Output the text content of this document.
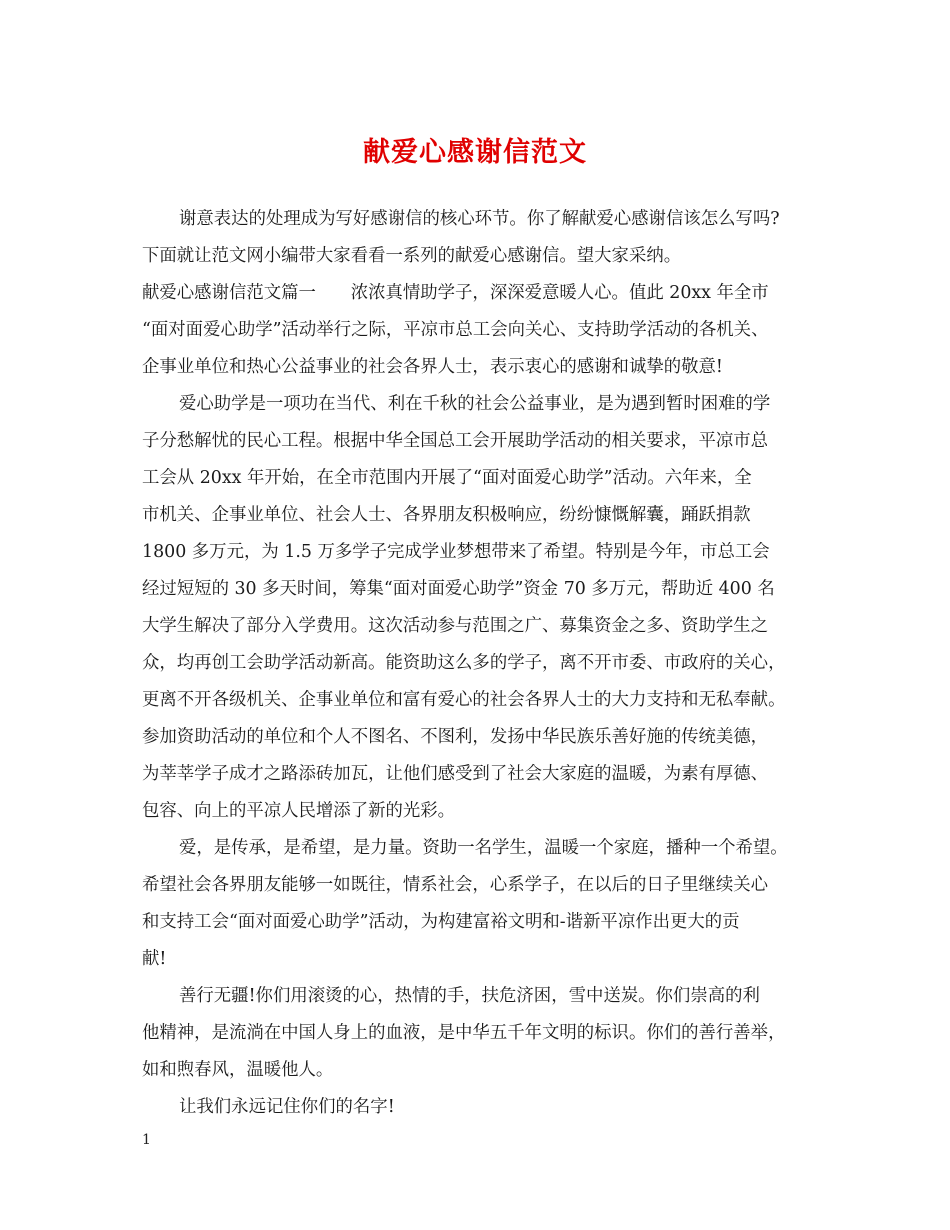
献爱心感谢信范文
谢意表达的处理成为写好感谢信的核心环节。你了解献爱心感谢信该怎么写吗?
下面就让范文网小编带大家看看一系列的献爱心感谢信。望大家采纳。
献爱心感谢信范文篇一　　浓浓真情助学子，深深爱意暖人心。值此 20xx 年全市
“面对面爱心助学”活动举行之际，平凉市总工会向关心、支持助学活动的各机关、
企事业单位和热心公益事业的社会各界人士，表示衷心的感谢和诚挚的敬意!
爱心助学是一项功在当代、利在千秋的社会公益事业，是为遇到暂时困难的学
子分愁解忧的民心工程。根据中华全国总工会开展助学活动的相关要求，平凉市总
工会从 20xx 年开始，在全市范围内开展了“面对面爱心助学”活动。六年来，全
市机关、企事业单位、社会人士、各界朋友积极响应，纷纷慷慨解囊，踊跃捐款
1800 多万元，为 1.5 万多学子完成学业梦想带来了希望。特别是今年，市总工会
经过短短的 30 多天时间，筹集“面对面爱心助学”资金 70 多万元，帮助近 400 名
大学生解决了部分入学费用。这次活动参与范围之广、募集资金之多、资助学生之
众，均再创工会助学活动新高。能资助这么多的学子，离不开市委、市政府的关心，
更离不开各级机关、企事业单位和富有爱心的社会各界人士的大力支持和无私奉献。
参加资助活动的单位和个人不图名、不图利，发扬中华民族乐善好施的传统美德，
为莘莘学子成才之路添砖加瓦，让他们感受到了社会大家庭的温暖，为素有厚德、
包容、向上的平凉人民增添了新的光彩。
爱，是传承，是希望，是力量。资助一名学生，温暖一个家庭，播种一个希望。
希望社会各界朋友能够一如既往，情系社会，心系学子，在以后的日子里继续关心
和支持工会“面对面爱心助学”活动，为构建富裕文明和-谐新平凉作出更大的贡
献!
善行无疆!你们用滚烫的心，热情的手，扶危济困，雪中送炭。你们崇高的利
他精神，是流淌在中国人身上的血液，是中华五千年文明的标识。你们的善行善举，
如和煦春风，温暖他人。
让我们永远记住你们的名字!
1
